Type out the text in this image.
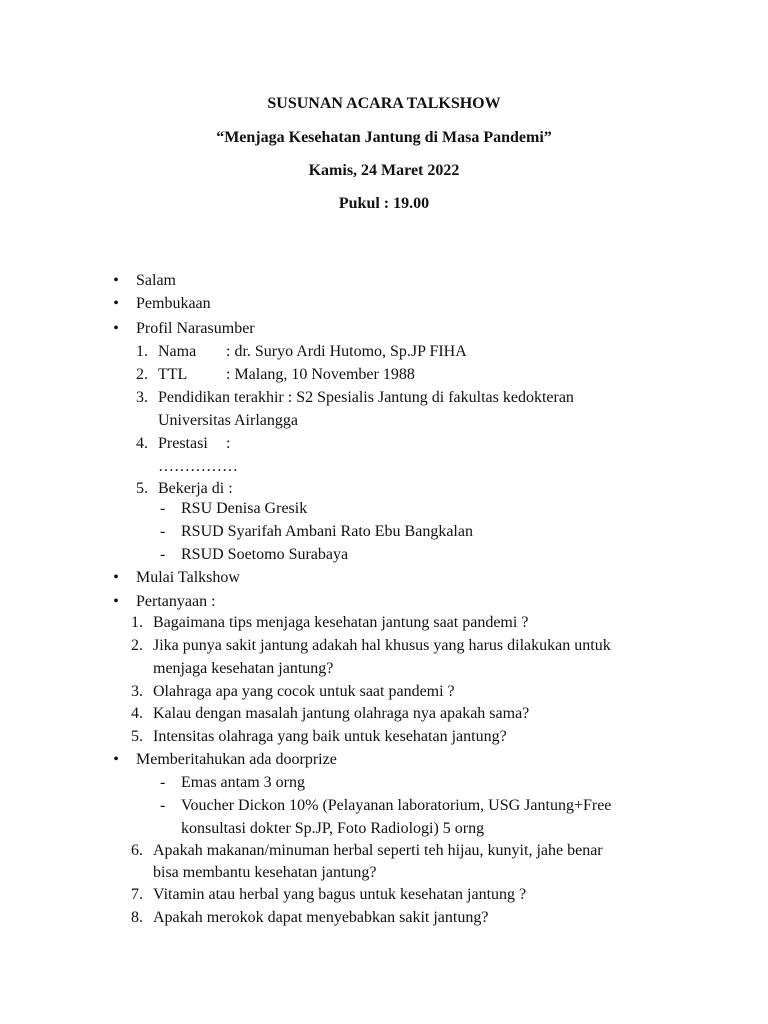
SUSUNAN ACARA TALKSHOW
“Menjaga Kesehatan Jantung di Masa Pandemi”
Kamis, 24 Maret 2022
Pukul : 19.00
• Salam
• Pembukaan
• Profil Narasumber
1. Nama : dr. Suryo Ardi Hutomo, Sp.JP FIHA
2. TTL : Malang, 10 November 1988
3. Pendidikan terakhir : S2 Spesialis Jantung di fakultas kedokteran
Universitas Airlangga
4. Prestasi :
……………
5. Bekerja di :
- RSU Denisa Gresik
- RSUD Syarifah Ambani Rato Ebu Bangkalan
- RSUD Soetomo Surabaya
• Mulai Talkshow
• Pertanyaan :
1. Bagaimana tips menjaga kesehatan jantung saat pandemi ?
2. Jika punya sakit jantung adakah hal khusus yang harus dilakukan untuk
menjaga kesehatan jantung?
3. Olahraga apa yang cocok untuk saat pandemi ?
4. Kalau dengan masalah jantung olahraga nya apakah sama?
5. Intensitas olahraga yang baik untuk kesehatan jantung?
• Memberitahukan ada doorprize
- Emas antam 3 orng
- Voucher Dickon 10% (Pelayanan laboratorium, USG Jantung+Free
konsultasi dokter Sp.JP, Foto Radiologi) 5 orng
6. Apakah makanan/minuman herbal seperti teh hijau, kunyit, jahe benar
bisa membantu kesehatan jantung?
7. Vitamin atau herbal yang bagus untuk kesehatan jantung ?
8. Apakah merokok dapat menyebabkan sakit jantung?
